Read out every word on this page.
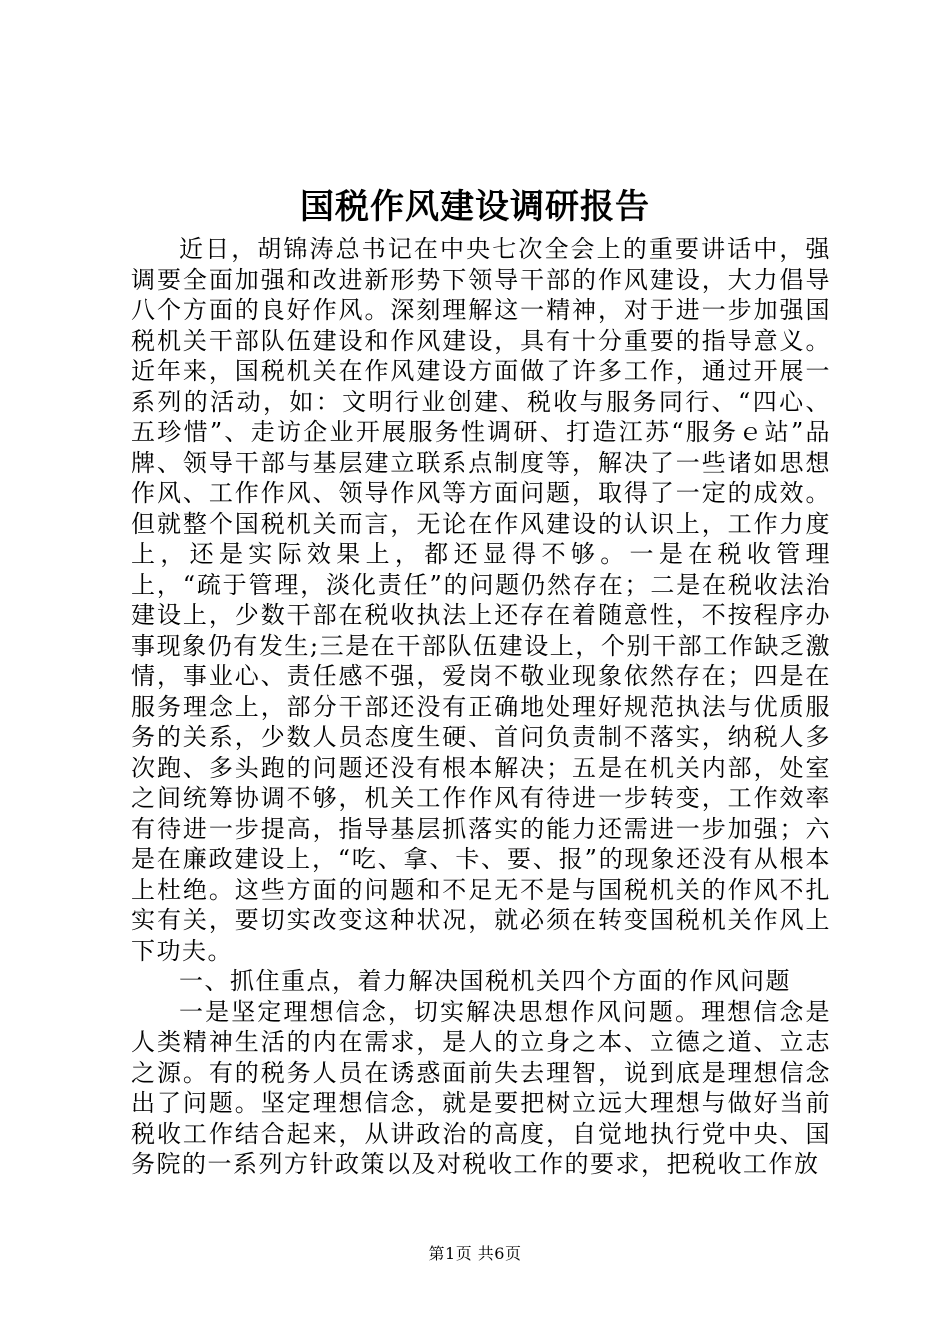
国税作风建设调研报告

近日，胡锦涛总书记在中央七次全会上的重要讲话中，强调要全面加强和改进新形势下领导干部的作风建设，大力倡导八个方面的良好作风。深刻理解这一精神，对于进一步加强国税机关干部队伍建设和作风建设，具有十分重要的指导意义。近年来，国税机关在作风建设方面做了许多工作，通过开展一系列的活动，如：文明行业创建、税收与服务同行、“四心、五珍惜”、走访企业开展服务性调研、打造江苏“服务ｅ站”品牌、领导干部与基层建立联系点制度等，解决了一些诸如思想作风、工作作风、领导作风等方面问题，取得了一定的成效。但就整个国税机关而言，无论在作风建设的认识上，工作力度上，还是实际效果上，都还显得不够。一是在税收管理上，“疏于管理，淡化责任”的问题仍然存在；二是在税收法治建设上，少数干部在税收执法上还存在着随意性，不按程序办事现象仍有发生;三是在干部队伍建设上，个别干部工作缺乏激情，事业心、责任感不强，爱岗不敬业现象依然存在；四是在服务理念上，部分干部还没有正确地处理好规范执法与优质服务的关系，少数人员态度生硬、首问负责制不落实，纳税人多次跑、多头跑的问题还没有根本解决；五是在机关内部，处室之间统筹协调不够，机关工作作风有待进一步转变，工作效率有待进一步提高，指导基层抓落实的能力还需进一步加强；六是在廉政建设上，“吃、拿、卡、要、报”的现象还没有从根本上杜绝。这些方面的问题和不足无不是与国税机关的作风不扎实有关，要切实改变这种状况，就必须在转变国税机关作风上下功夫。

一、抓住重点，着力解决国税机关四个方面的作风问题

一是坚定理想信念，切实解决思想作风问题。理想信念是人类精神生活的内在需求，是人的立身之本、立德之道、立志之源。有的税务人员在诱惑面前失去理智，说到底是理想信念出了问题。坚定理想信念，就是要把树立远大理想与做好当前税收工作结合起来，从讲政治的高度，自觉地执行党中央、国务院的一系列方针政策以及对税收工作的要求，把税收工作放

第1页 共6页
